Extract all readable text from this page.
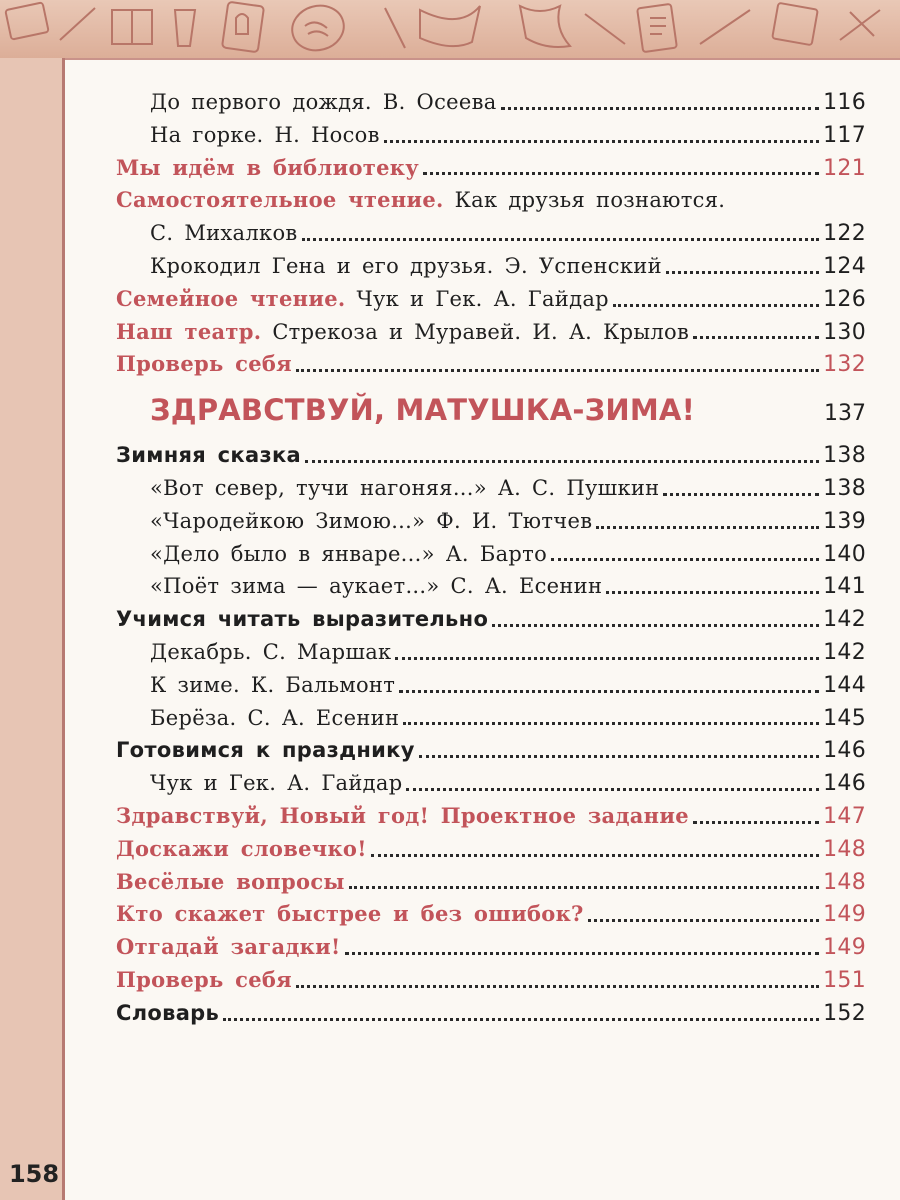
158
До первого дождя. В. Осеева	116
На горке. Н. Носов	117
Мы идём в библиотеку	121
Самостоятельное чтение. Как друзья познаются.
С. Михалков	122
Крокодил Гена и его друзья. Э. Успенский	124
Семейное чтение. Чук и Гек. А. Гайдар	126
Наш театр. Стрекоза и Муравей. И. А. Крылов	130
Проверь себя	132
ЗДРАВСТВУЙ, МАТУШКА-ЗИМА!	137
Зимняя сказка	138
«Вот север, тучи нагоняя...» А. С. Пушкин	138
«Чародейкою Зимою...» Ф. И. Тютчев	139
«Дело было в январе...» А. Барто	140
«Поёт зима — аукает...» С. А. Есенин	141
Учимся читать выразительно	142
Декабрь. С. Маршак	142
К зиме. К. Бальмонт	144
Берёза. С. А. Есенин	145
Готовимся к празднику	146
Чук и Гек. А. Гайдар	146
Здравствуй, Новый год! Проектное задание	147
Доскажи словечко!	148
Весёлые вопросы	148
Кто скажет быстрее и без ошибок?	149
Отгадай загадки!	149
Проверь себя	151
Словарь	152
